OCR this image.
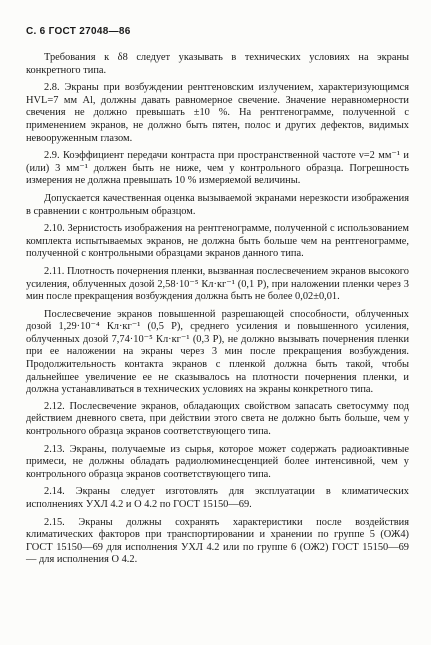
С. 6 ГОСТ 27048—86

Требования к δ8 следует указывать в технических условиях на экраны конкретного типа.

2.8. Экраны при возбуждении рентгеновским излучением, характеризующимся HVL=7 мм Al, должны давать равномерное свечение. Значение неравномерности свечения не должно превышать ±10 %. На рентгенограмме, полученной с применением экранов, не должно быть пятен, полос и других дефектов, видимых невооруженным глазом.

2.9. Коэффициент передачи контраста при пространственной частоте ν=2 мм⁻¹ и (или) 3 мм⁻¹ должен быть не ниже, чем у контрольного образца. Погрешность измерения не должна превышать 10 % измеряемой величины.

Допускается качественная оценка вызываемой экранами нерезкости изображения в сравнении с контрольным образцом.

2.10. Зернистость изображения на рентгенограмме, полученной с использованием комплекта испытываемых экранов, не должна быть больше чем на рентгенограмме, полученной с контрольными образцами экранов данного типа.

2.11. Плотность почернения пленки, вызванная послесвечением экранов высокого усиления, облученных дозой 2,58·10⁻⁵ Кл·кг⁻¹ (0,1 Р), при наложении пленки через 3 мин после прекращения возбуждения должна быть не более 0,02±0,01.

Послесвечение экранов повышенной разрешающей способности, облученных дозой 1,29·10⁻⁴ Кл·кг⁻¹ (0,5 Р), среднего усиления и повышенного усиления, облученных дозой 7,74·10⁻⁵ Кл·кг⁻¹ (0,3 Р), не должно вызывать почернения пленки при ее наложении на экраны через 3 мин после прекращения возбуждения. Продолжительность контакта экранов с пленкой должна быть такой, чтобы дальнейшее увеличение ее не сказывалось на плотности почернения пленки, и должна устанавливаться в технических условиях на экраны конкретного типа.

2.12. Послесвечение экранов, обладающих свойством запасать светосумму под действием дневного света, при действии этого света не должно быть больше, чем у контрольного образца экранов соответствующего типа.

2.13. Экраны, получаемые из сырья, которое может содержать радиоактивные примеси, не должны обладать радиолюминесценцией более интенсивной, чем у контрольного образца экранов соответствующего типа.

2.14. Экраны следует изготовлять для эксплуатации в климатических исполнениях УХЛ 4.2 и О 4.2 по ГОСТ 15150—69.

2.15. Экраны должны сохранять характеристики после воздействия климатических факторов при транспортировании и хранении по группе 5 (ОЖ4) ГОСТ 15150—69 для исполнения УХЛ 4.2 или по группе 6 (ОЖ2) ГОСТ 15150—69 — для исполнения О 4.2.
